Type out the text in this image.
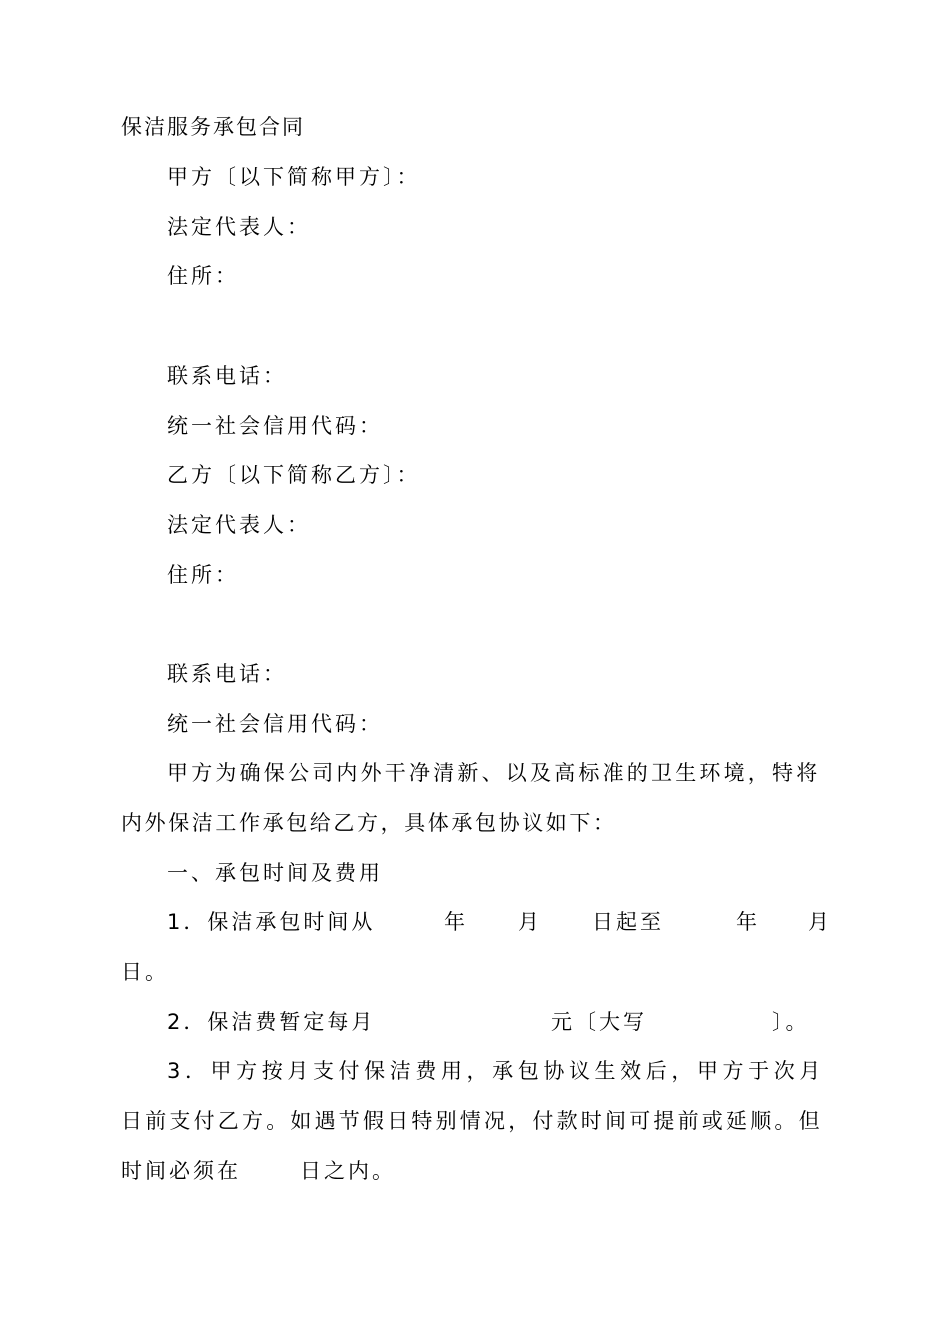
保洁服务承包合同
甲方〔以下简称甲方〕：
法定代表人：
住所：
联系电话：
统一社会信用代码：
乙方〔以下简称乙方〕：
法定代表人：
住所：
联系电话：
统一社会信用代码：
甲方为确保公司内外干净清新、以及高标准的卫生环境，特将
内外保洁工作承包给乙方，具体承包协议如下：
一、承包时间及费用
1．保洁承包时间从	年 月 日起至	年 月
日。
2．保洁费暂定每月	元〔大写	〕。
3．甲方按月支付保洁费用，承包协议生效后，甲方于次月
日前支付乙方。如遇节假日特别情况，付款时间可提前或延顺。但
时间必须在	日之内。
